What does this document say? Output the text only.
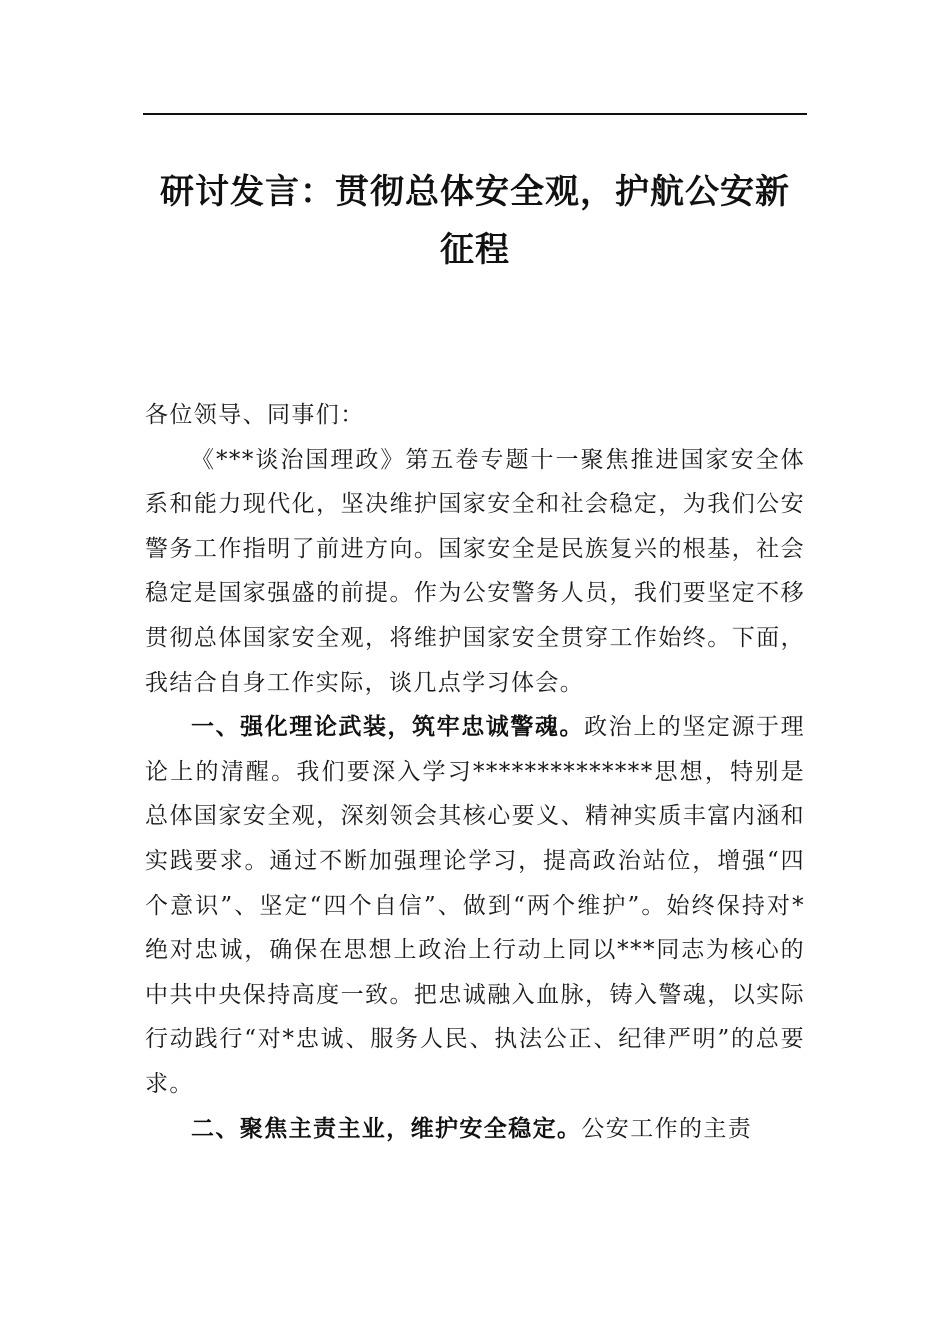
研讨发言：贯彻总体安全观，护航公安新
征程

各位领导、同事们：

《***谈治国理政》第五卷专题十一聚焦推进国家安全体系和能力现代化，坚决维护国家安全和社会稳定，为我们公安警务工作指明了前进方向。国家安全是民族复兴的根基，社会稳定是国家强盛的前提。作为公安警务人员，我们要坚定不移贯彻总体国家安全观，将维护国家安全贯穿工作始终。下面，我结合自身工作实际，谈几点学习体会。

一、强化理论武装，筑牢忠诚警魂。政治上的坚定源于理论上的清醒。我们要深入学习**************思想，特别是总体国家安全观，深刻领会其核心要义、精神实质丰富内涵和实践要求。通过不断加强理论学习，提高政治站位，增强“四个意识”、坚定“四个自信”、做到“两个维护”。始终保持对*绝对忠诚，确保在思想上政治上行动上同以***同志为核心的中共中央保持高度一致。把忠诚融入血脉，铸入警魂，以实际行动践行“对*忠诚、服务人民、执法公正、纪律严明”的总要求。

二、聚焦主责主业，维护安全稳定。公安工作的主责
